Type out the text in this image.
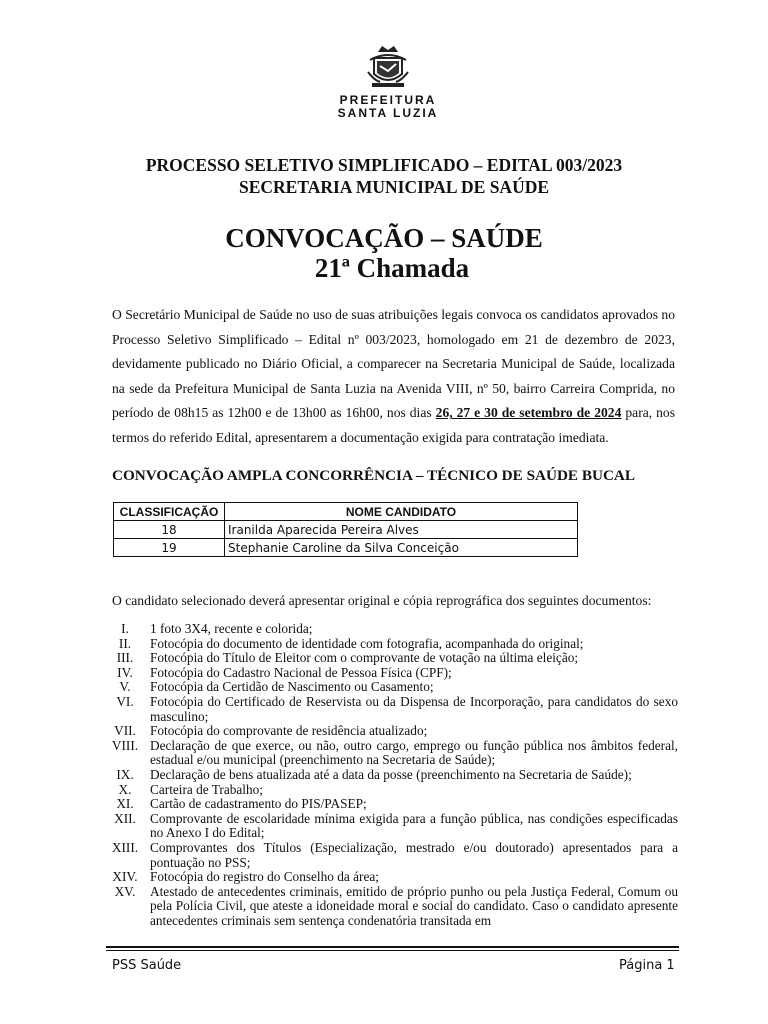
PREFEITURA
SANTA LUZIA
PROCESSO SELETIVO SIMPLIFICADO – EDITAL 003/2023
SECRETARIA MUNICIPAL DE SAÚDE
CONVOCAÇÃO – SAÚDE
21ª Chamada
O Secretário Municipal de Saúde no uso de suas atribuições legais convoca os candidatos aprovados no Processo Seletivo Simplificado – Edital nº 003/2023, homologado em 21 de dezembro de 2023, devidamente publicado no Diário Oficial, a comparecer na Secretaria Municipal de Saúde, localizada na sede da Prefeitura Municipal de Santa Luzia na Avenida VIII, nº 50, bairro Carreira Comprida, no período de 08h15 as 12h00 e de 13h00 as 16h00, nos dias 26, 27 e 30 de setembro de 2024 para, nos termos do referido Edital, apresentarem a documentação exigida para contratação imediata.
CONVOCAÇÃO AMPLA CONCORRÊNCIA – TÉCNICO DE SAÚDE BUCAL
CLASSIFICAÇÃO	NOME CANDIDATO
18	Iranilda Aparecida Pereira Alves
19	Stephanie Caroline da Silva Conceição
O candidato selecionado deverá apresentar original e cópia reprográfica dos seguintes documentos:
I.	1 foto 3X4, recente e colorida;
II.	Fotocópia do documento de identidade com fotografia, acompanhada do original;
III.	Fotocópia do Título de Eleitor com o comprovante de votação na última eleição;
IV.	Fotocópia do Cadastro Nacional de Pessoa Física (CPF);
V.	Fotocópia da Certidão de Nascimento ou Casamento;
VI.	Fotocópia do Certificado de Reservista ou da Dispensa de Incorporação, para candidatos do sexo masculino;
VII.	Fotocópia do comprovante de residência atualizado;
VIII. Declaração de que exerce, ou não, outro cargo, emprego ou função pública nos âmbitos federal, estadual e/ou municipal (preenchimento na Secretaria de Saúde);
IX.	Declaração de bens atualizada até a data da posse (preenchimento na Secretaria de Saúde);
X.	Carteira de Trabalho;
XI.	Cartão de cadastramento do PIS/PASEP;
XII.	Comprovante de escolaridade mínima exigida para a função pública, nas condições especificadas no Anexo I do Edital;
XIII. Comprovantes dos Títulos (Especialização, mestrado e/ou doutorado) apresentados para a pontuação no PSS;
XIV. Fotocópia do registro do Conselho da área;
XV.	Atestado de antecedentes criminais, emitido de próprio punho ou pela Justiça Federal, Comum ou pela Polícia Civil, que ateste a idoneidade moral e social do candidato. Caso o candidato apresente antecedentes criminais sem sentença condenatória transitada em
PSS Saúde	Página 1
